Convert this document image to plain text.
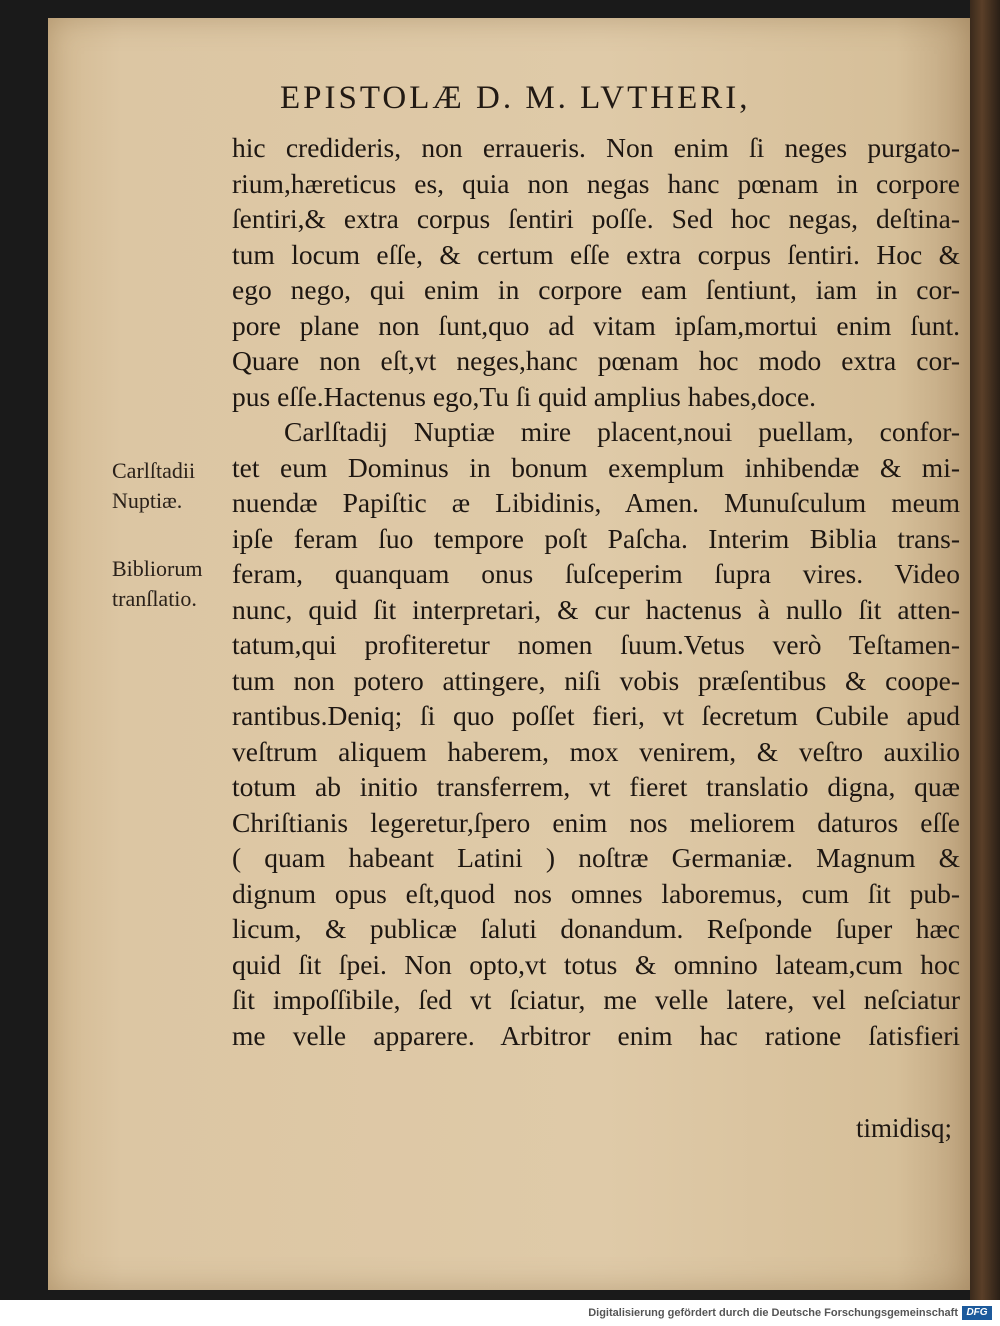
EPISTOLÆ D. M. LVTHERI,
hic credideris, non erraueris. Non enim ſi neges purgato-
rium,hæreticus es, quia non negas hanc pœnam in corpore
ſentiri,& extra corpus ſentiri poſſe. Sed hoc negas, deſtina-
tum locum eſſe, & certum eſſe extra corpus ſentiri. Hoc &
ego nego, qui enim in corpore eam ſentiunt, iam in cor-
pore plane non ſunt,quo ad vitam ipſam,mortui enim ſunt.
Quare non eſt,vt neges,hanc pœnam hoc modo extra cor-
pus eſſe.Hactenus ego,Tu ſi quid amplius habes,doce.
Carlſtadij Nuptiæ mire placent,noui puellam, confor-
tet eum Dominus in bonum exemplum inhibendæ & mi-
nuendæ Papiſtic æ Libidinis, Amen. Munuſculum meum
ipſe feram ſuo tempore poſt Paſcha. Interim Biblia trans-
feram, quanquam onus ſuſceperim ſupra vires. Video
nunc, quid ſit interpretari, & cur hactenus à nullo ſit atten-
tatum,qui profiteretur nomen ſuum.Vetus verò Teſtamen-
tum non potero attingere, niſi vobis præſentibus & coope-
rantibus.Deniq; ſi quo poſſet fieri, vt ſecretum Cubile apud
veſtrum aliquem haberem, mox venirem, & veſtro auxilio
totum ab initio transferrem, vt fieret translatio digna, quæ
Chriſtianis legeretur,ſpero enim nos meliorem daturos eſſe
( quam habeant Latini ) noſtræ Germaniæ. Magnum &
dignum opus eſt,quod nos omnes laboremus, cum ſit pub-
licum, & publicæ ſaluti donandum. Reſponde ſuper hæc
quid ſit ſpei. Non opto,vt totus & omnino lateam,cum hoc
ſit impoſſibile, ſed vt ſciatur, me velle latere, vel neſciatur
me velle apparere. Arbitror enim hac ratione ſatisfieri
timidisq;
Carlſtadii
Nuptiæ.
Bibliorum
tranſlatio.
Digitalisierung gefördert durch die Deutsche Forschungsgemeinschaft DFG
